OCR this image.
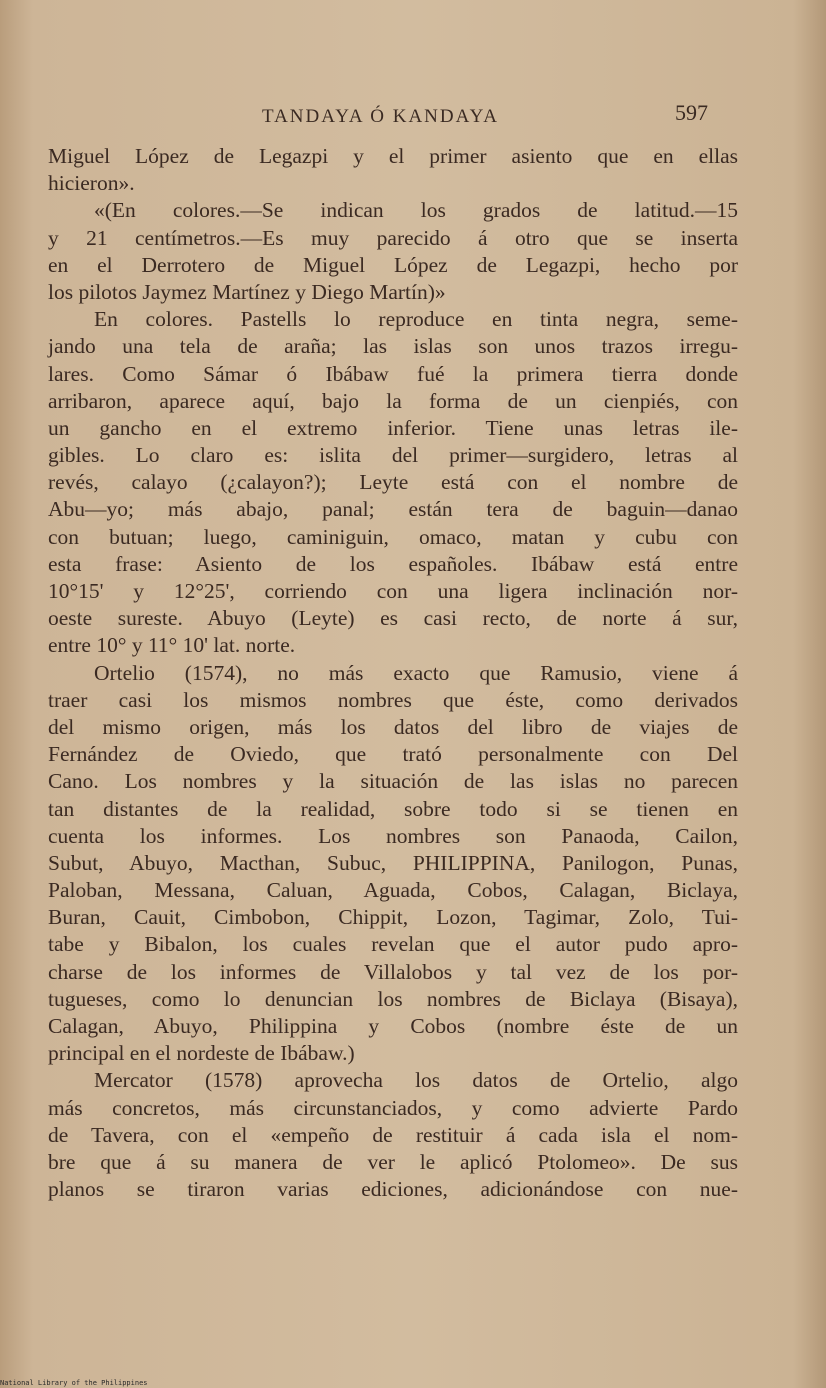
TANDAYA Ó KANDAYA	597
Miguel López de Legazpi y el primer asiento que en ellas
hicieron».
«(En colores.—Se indican los grados de latitud.—15
y 21 centímetros.—Es muy parecido á otro que se inserta
en el Derrotero de Miguel López de Legazpi, hecho por
los pilotos Jaymez Martínez y Diego Martín)»
En colores. Pastells lo reproduce en tinta negra, seme-
jando una tela de araña; las islas son unos trazos irregu-
lares. Como Sámar ó Ibábaw fué la primera tierra donde
arribaron, aparece aquí, bajo la forma de un cienpiés, con
un gancho en el extremo inferior. Tiene unas letras ile-
gibles. Lo claro es: islita del primer—surgidero, letras al
revés, calayo (¿calayon?); Leyte está con el nombre de
Abu—yo; más abajo, panal; están tera de baguin—danao
con butuan; luego, caminiguin, omaco, matan y cubu con
esta frase: Asiento de los españoles. Ibábaw está entre
10°15' y 12°25', corriendo con una ligera inclinación nor-
oeste sureste. Abuyo (Leyte) es casi recto, de norte á sur,
entre 10° y 11° 10' lat. norte.
Ortelio (1574), no más exacto que Ramusio, viene á
traer casi los mismos nombres que éste, como derivados
del mismo origen, más los datos del libro de viajes de
Fernández de Oviedo, que trató personalmente con Del
Cano. Los nombres y la situación de las islas no parecen
tan distantes de la realidad, sobre todo si se tienen en
cuenta los informes. Los nombres son Panaoda, Cailon,
Subut, Abuyo, Macthan, Subuc, PHILIPPINA, Panilogon, Punas,
Paloban, Messana, Caluan, Aguada, Cobos, Calagan, Biclaya,
Buran, Cauit, Cimbobon, Chippit, Lozon, Tagimar, Zolo, Tui-
tabe y Bibalon, los cuales revelan que el autor pudo apro-
charse de los informes de Villalobos y tal vez de los por-
tugueses, como lo denuncian los nombres de Biclaya (Bisaya),
Calagan, Abuyo, Philippina y Cobos (nombre éste de un
principal en el nordeste de Ibábaw.)
Mercator (1578) aprovecha los datos de Ortelio, algo
más concretos, más circunstanciados, y como advierte Pardo
de Tavera, con el «empeño de restituir á cada isla el nom-
bre que á su manera de ver le aplicó Ptolomeo». De sus
planos se tiraron varias ediciones, adicionándose con nue-
National Library of the Philippines
